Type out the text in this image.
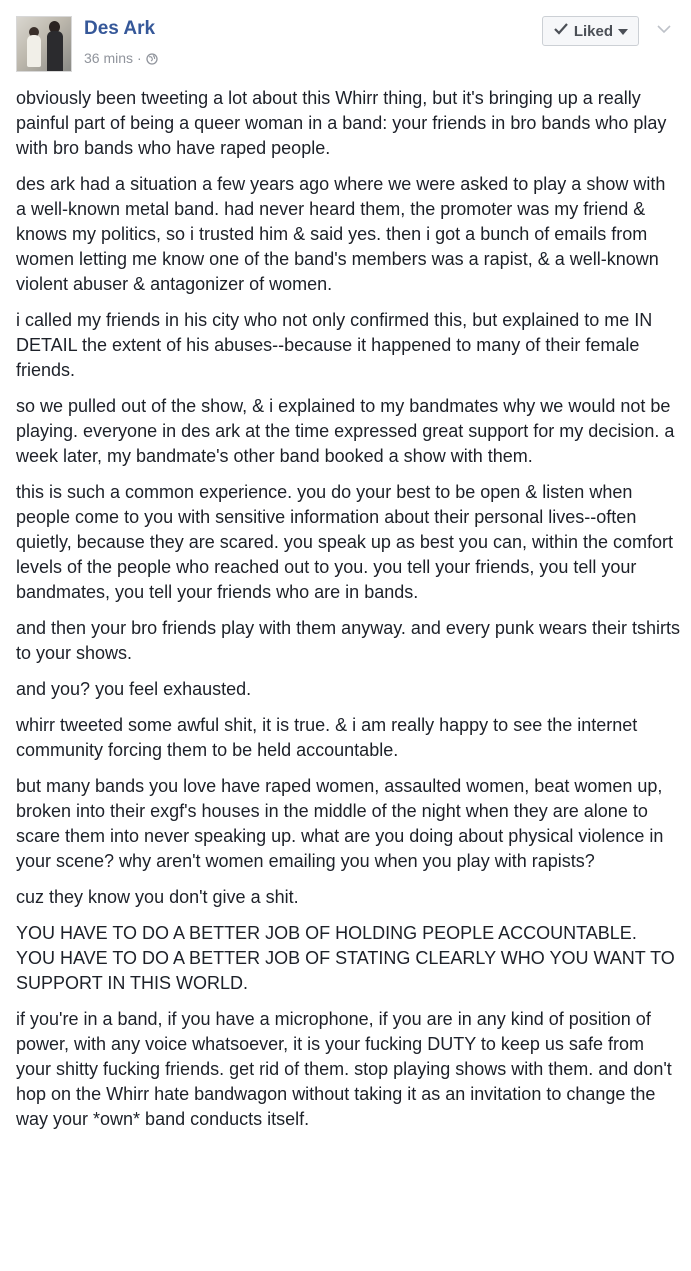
Des Ark
36 mins ·
Liked

obviously been tweeting a lot about this Whirr thing, but it's bringing up a really painful part of being a queer woman in a band: your friends in bro bands who play with bro bands who have raped people.

des ark had a situation a few years ago where we were asked to play a show with a well-known metal band. had never heard them, the promoter was my friend & knows my politics, so i trusted him & said yes. then i got a bunch of emails from women letting me know one of the band's members was a rapist, & a well-known violent abuser & antagonizer of women.

i called my friends in his city who not only confirmed this, but explained to me IN DETAIL the extent of his abuses--because it happened to many of their female friends.

so we pulled out of the show, & i explained to my bandmates why we would not be playing. everyone in des ark at the time expressed great support for my decision. a week later, my bandmate's other band booked a show with them.

this is such a common experience. you do your best to be open & listen when people come to you with sensitive information about their personal lives--often quietly, because they are scared. you speak up as best you can, within the comfort levels of the people who reached out to you. you tell your friends, you tell your bandmates, you tell your friends who are in bands.

and then your bro friends play with them anyway. and every punk wears their tshirts to your shows.

and you? you feel exhausted.

whirr tweeted some awful shit, it is true. & i am really happy to see the internet community forcing them to be held accountable.

but many bands you love have raped women, assaulted women, beat women up, broken into their exgf's houses in the middle of the night when they are alone to scare them into never speaking up. what are you doing about physical violence in your scene? why aren't women emailing you when you play with rapists?

cuz they know you don't give a shit.

YOU HAVE TO DO A BETTER JOB OF HOLDING PEOPLE ACCOUNTABLE. YOU HAVE TO DO A BETTER JOB OF STATING CLEARLY WHO YOU WANT TO SUPPORT IN THIS WORLD.

if you're in a band, if you have a microphone, if you are in any kind of position of power, with any voice whatsoever, it is your fucking DUTY to keep us safe from your shitty fucking friends. get rid of them. stop playing shows with them. and don't hop on the Whirr hate bandwagon without taking it as an invitation to change the way your *own* band conducts itself.
